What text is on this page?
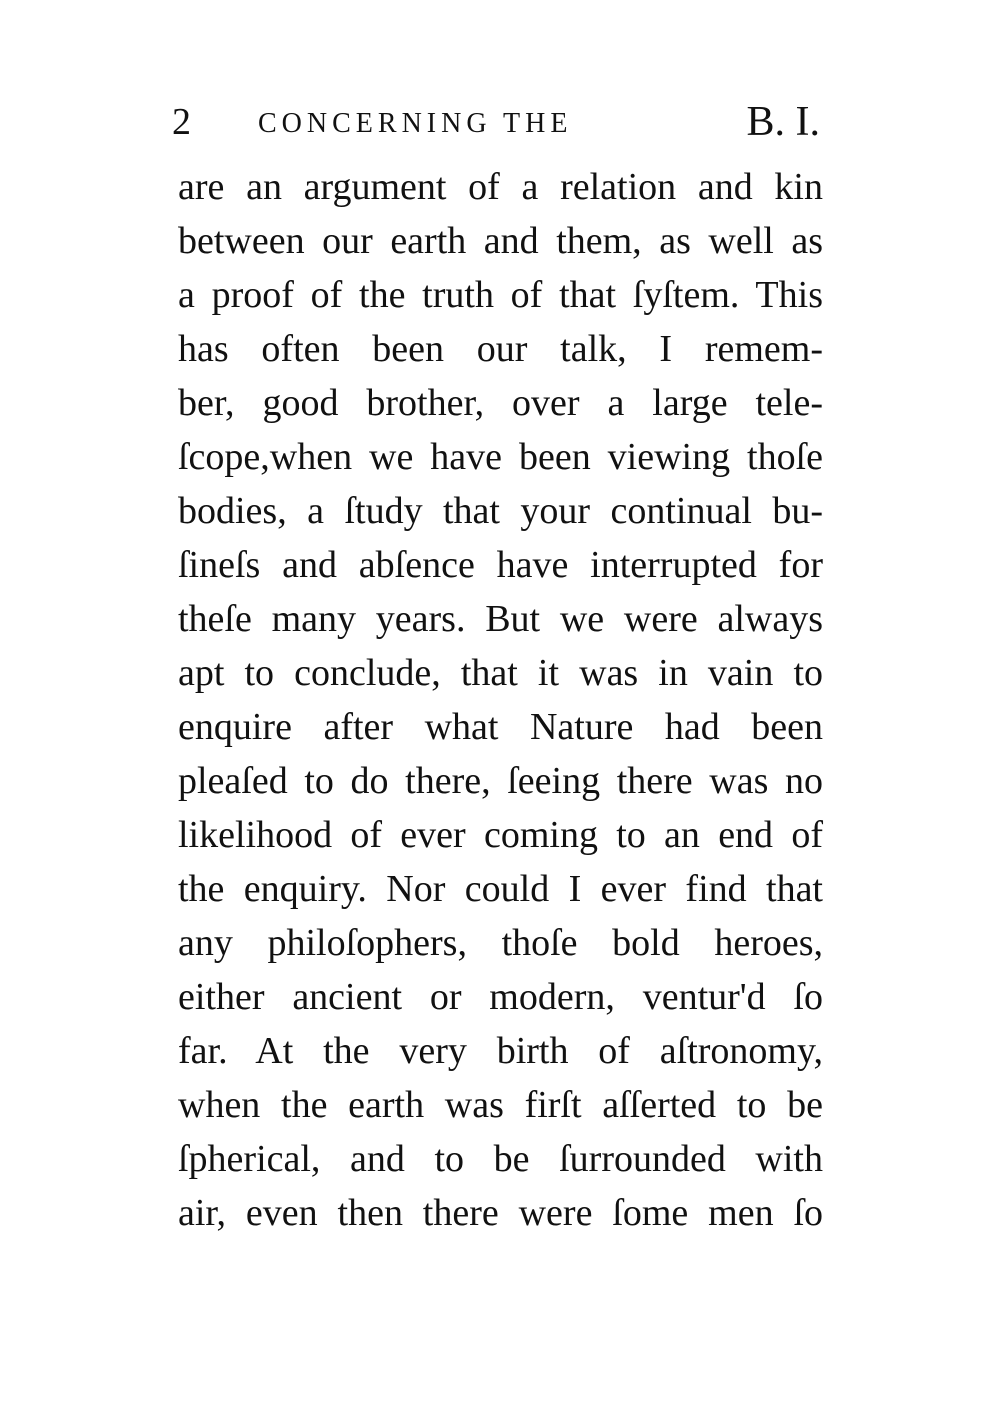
2 CONCERNING THE	B. I.
are an argument of a relation and kin
between our earth and them, as well as
a proof of the truth of that ſyſtem. This
has often been our talk, I remem-
ber, good brother, over a large tele-
ſcope,when we have been viewing thoſe
bodies, a ſtudy that your continual bu-
ſineſs and abſence have interrupted for
theſe many years. But we were always
apt to conclude, that it was in vain to
enquire after what Nature had been
pleaſed to do there, ſeeing there was no
likelihood of ever coming to an end of
the enquiry. Nor could I ever find that
any philoſophers, thoſe bold heroes,
either ancient or modern, ventur'd ſo
far. At the very birth of aſtronomy,
when the earth was firſt aſſerted to be
ſpherical, and to be ſurrounded with
air, even then there were ſome men ſo
